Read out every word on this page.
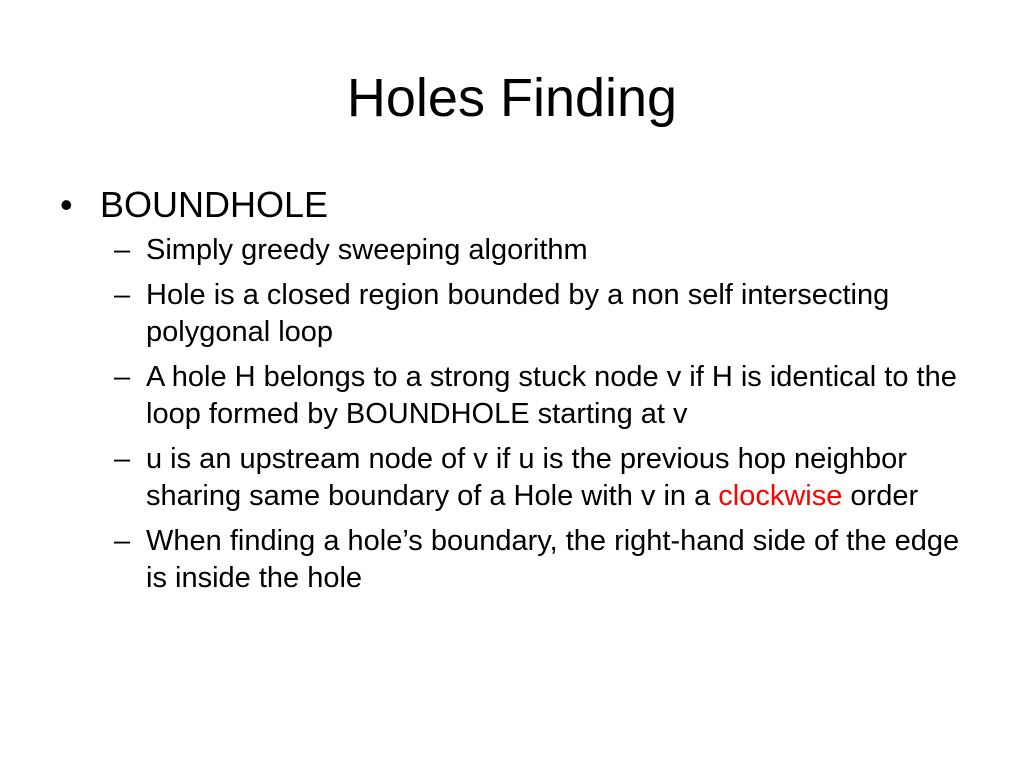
Holes Finding
• BOUNDHOLE
– Simply greedy sweeping algorithm
– Hole is a closed region bounded by a non self intersecting polygonal loop
– A hole H belongs to a strong stuck node v if H is identical to the loop formed by BOUNDHOLE starting at v
– u is an upstream node of v if u is the previous hop neighbor sharing same boundary of a Hole with v in a clockwise order
– When finding a hole’s boundary, the right-hand side of the edge is inside the hole
